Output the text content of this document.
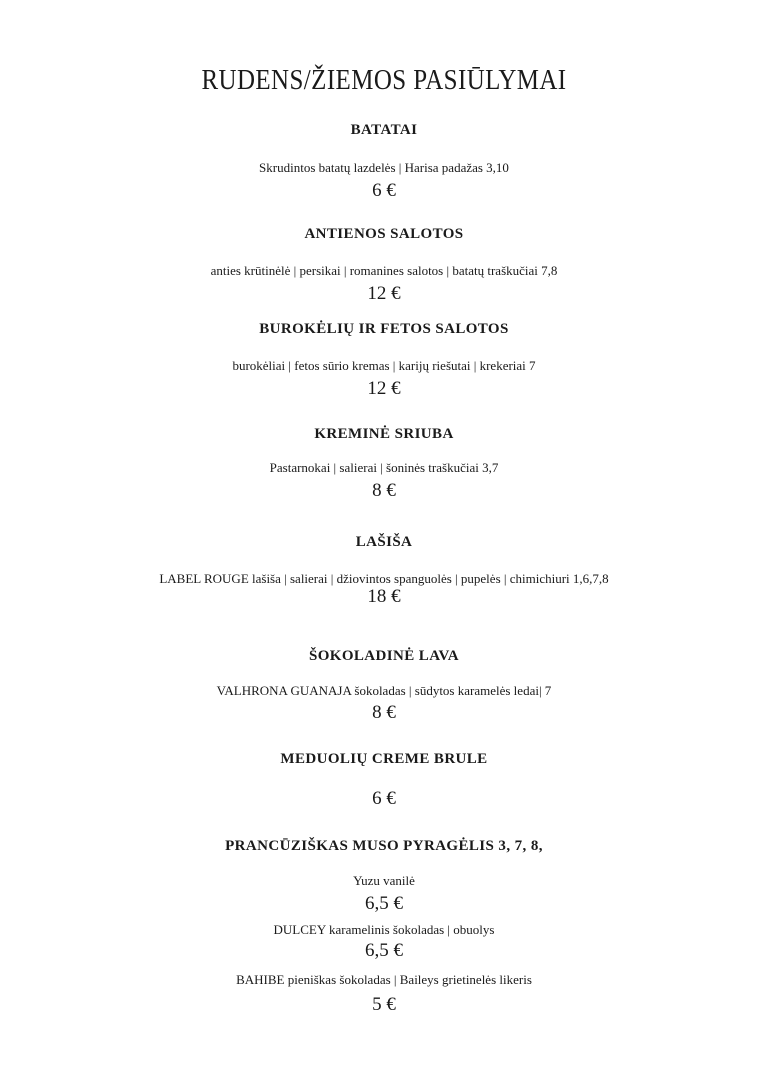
RUDENS/ŽIEMOS PASIŪLYMAI
BATATAI
Skrudintos batatų lazdelės | Harisa padažas 3,10
6 €
ANTIENOS SALOTOS
anties krūtinėlė | persikai | romanines salotos | batatų traškučiai 7,8
12 €
BUROKĖLIŲ IR FETOS SALOTOS
burokėliai | fetos sūrio kremas | karijų riešutai | krekeriai 7
12 €
KREMINĖ SRIUBA
Pastarnokai | salierai | šoninės traškučiai 3,7
8 €
LAŠIŠA
LABEL ROUGE lašiša | salierai | džiovintos spanguolės | pupelės | chimichiuri 1,6,7,8
18 €
ŠOKOLADINĖ LAVA
VALHRONA GUANAJA šokoladas | sūdytos karamelės ledai| 7
8 €
MEDUOLIŲ CREME BRULE
6 €
PRANCŪZIŠKAS MUSO PYRAGĖLIS 3, 7, 8,
Yuzu vanilė
6,5 €
DULCEY karamelinis šokoladas | obuolys
6,5 €
BAHIBE pieniškas šokoladas | Baileys grietinelės likeris
5 €
